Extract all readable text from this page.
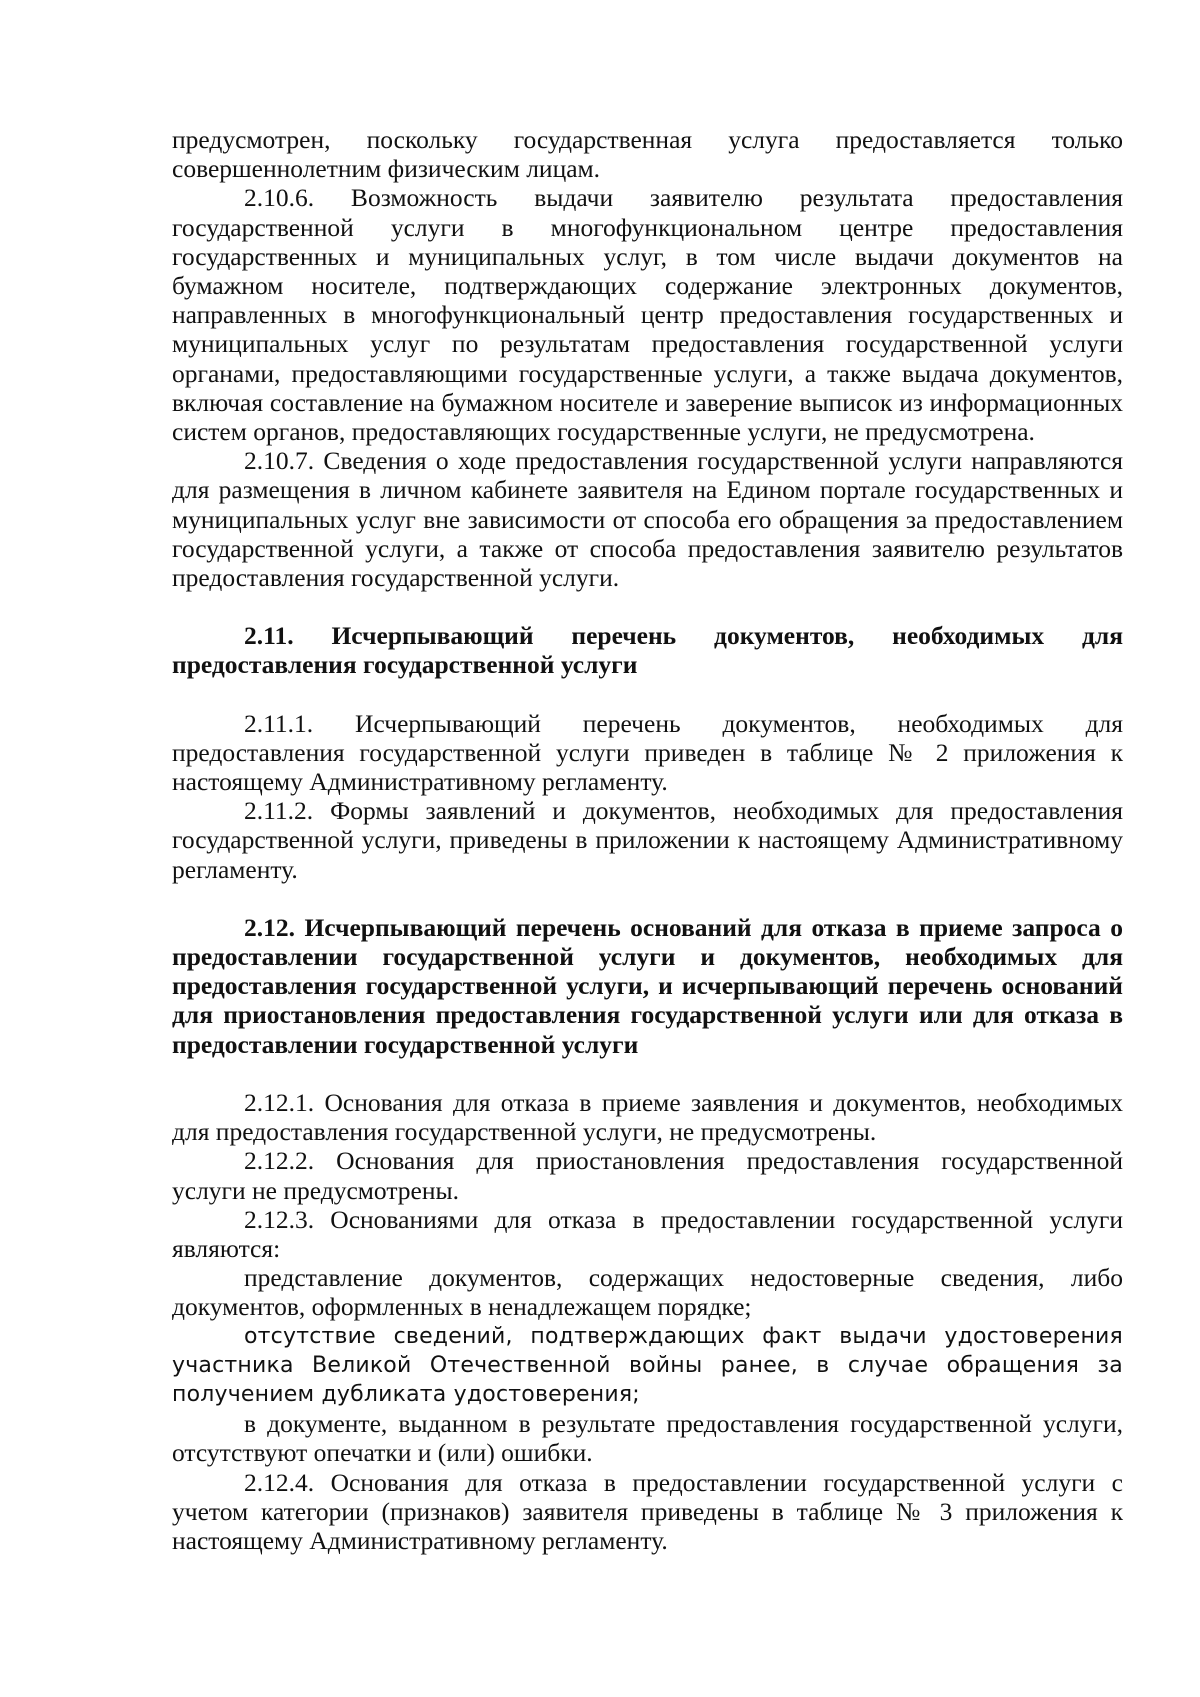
предусмотрен, поскольку государственная услуга предоставляется только совершеннолетним физическим лицам.

2.10.6. Возможность выдачи заявителю результата предоставления государственной услуги в многофункциональном центре предоставления государственных и муниципальных услуг, в том числе выдачи документов на бумажном носителе, подтверждающих содержание электронных документов, направленных в многофункциональный центр предоставления государственных и муниципальных услуг по результатам предоставления государственной услуги органами, предоставляющими государственные услуги, а также выдача документов, включая составление на бумажном носителе и заверение выписок из информационных систем органов, предоставляющих государственные услуги, не предусмотрена.

2.10.7. Сведения о ходе предоставления государственной услуги направляются для размещения в личном кабинете заявителя на Едином портале государственных и муниципальных услуг вне зависимости от способа его обращения за предоставлением государственной услуги, а также от способа предоставления заявителю результатов предоставления государственной услуги.

2.11. Исчерпывающий перечень документов, необходимых для предоставления государственной услуги

2.11.1. Исчерпывающий перечень документов, необходимых для предоставления государственной услуги приведен в таблице № 2 приложения к настоящему Административному регламенту.

2.11.2. Формы заявлений и документов, необходимых для предоставления государственной услуги, приведены в приложении к настоящему Административному регламенту.

2.12. Исчерпывающий перечень оснований для отказа в приеме запроса о предоставлении государственной услуги и документов, необходимых для предоставления государственной услуги, и исчерпывающий перечень оснований для приостановления предоставления государственной услуги или для отказа в предоставлении государственной услуги

2.12.1. Основания для отказа в приеме заявления и документов, необходимых для предоставления государственной услуги, не предусмотрены.

2.12.2. Основания для приостановления предоставления государственной услуги не предусмотрены.

2.12.3. Основаниями для отказа в предоставлении государственной услуги являются:

представление документов, содержащих недостоверные сведения, либо документов, оформленных в ненадлежащем порядке;

отсутствие сведений, подтверждающих факт выдачи удостоверения участника Великой Отечественной войны ранее, в случае обращения за получением дубликата удостоверения;

в документе, выданном в результате предоставления государственной услуги, отсутствуют опечатки и (или) ошибки.

2.12.4. Основания для отказа в предоставлении государственной услуги с учетом категории (признаков) заявителя приведены в таблице № 3 приложения к настоящему Административному регламенту.
